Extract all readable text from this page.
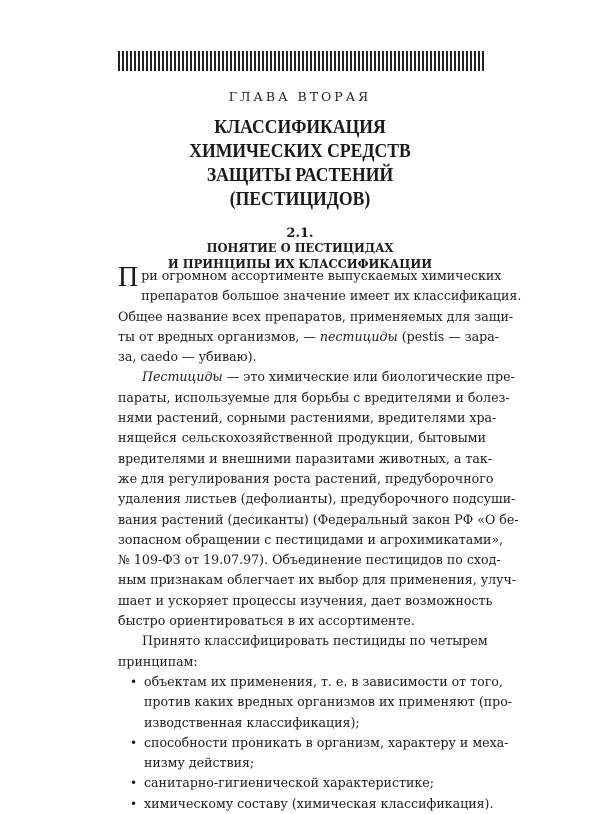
ГЛАВА ВТОРАЯ
КЛАССИФИКАЦИЯ
ХИМИЧЕСКИХ СРЕДСТВ
ЗАЩИТЫ РАСТЕНИЙ
(ПЕСТИЦИДОВ)
2.1.
ПОНЯТИЕ О ПЕСТИЦИДАХ
И ПРИНЦИПЫ ИХ КЛАССИФИКАЦИИ
П ри огромном ассортименте выпускаемых химических
препаратов большое значение имеет их классификация.
Общее название всех препаратов, применяемых для защи-
ты от вредных организмов, — пестициды (pestis — зара-
за, caedo — убиваю).
Пестициды — это химические или биологические пре-
параты, используемые для борьбы с вредителями и болез-
нями растений, сорными растениями, вредителями хра-
нящейся сельскохозяйственной продукции, бытовыми
вредителями и внешними паразитами животных, а так-
же для регулирования роста растений, предуборочного
удаления листьев (дефолианты), предуборочного подсуши-
вания растений (десиканты) (Федеральный закон РФ «О бе-
зопасном обращении с пестицидами и агрохимикатами»,
№ 109-ФЗ от 19.07.97). Объединение пестицидов по сход-
ным признакам облегчает их выбор для применения, улуч-
шает и ускоряет процессы изучения, дает возможность
быстро ориентироваться в их ассортименте.
Принято классифицировать пестициды по четырем
принципам:
• объектам их применения, т. е. в зависимости от того,
против каких вредных организмов их применяют (про-
изводственная классификация);
• способности проникать в организм, характеру и меха-
низму действия;
• санитарно-гигиенической характеристике;
• химическому составу (химическая классификация).
